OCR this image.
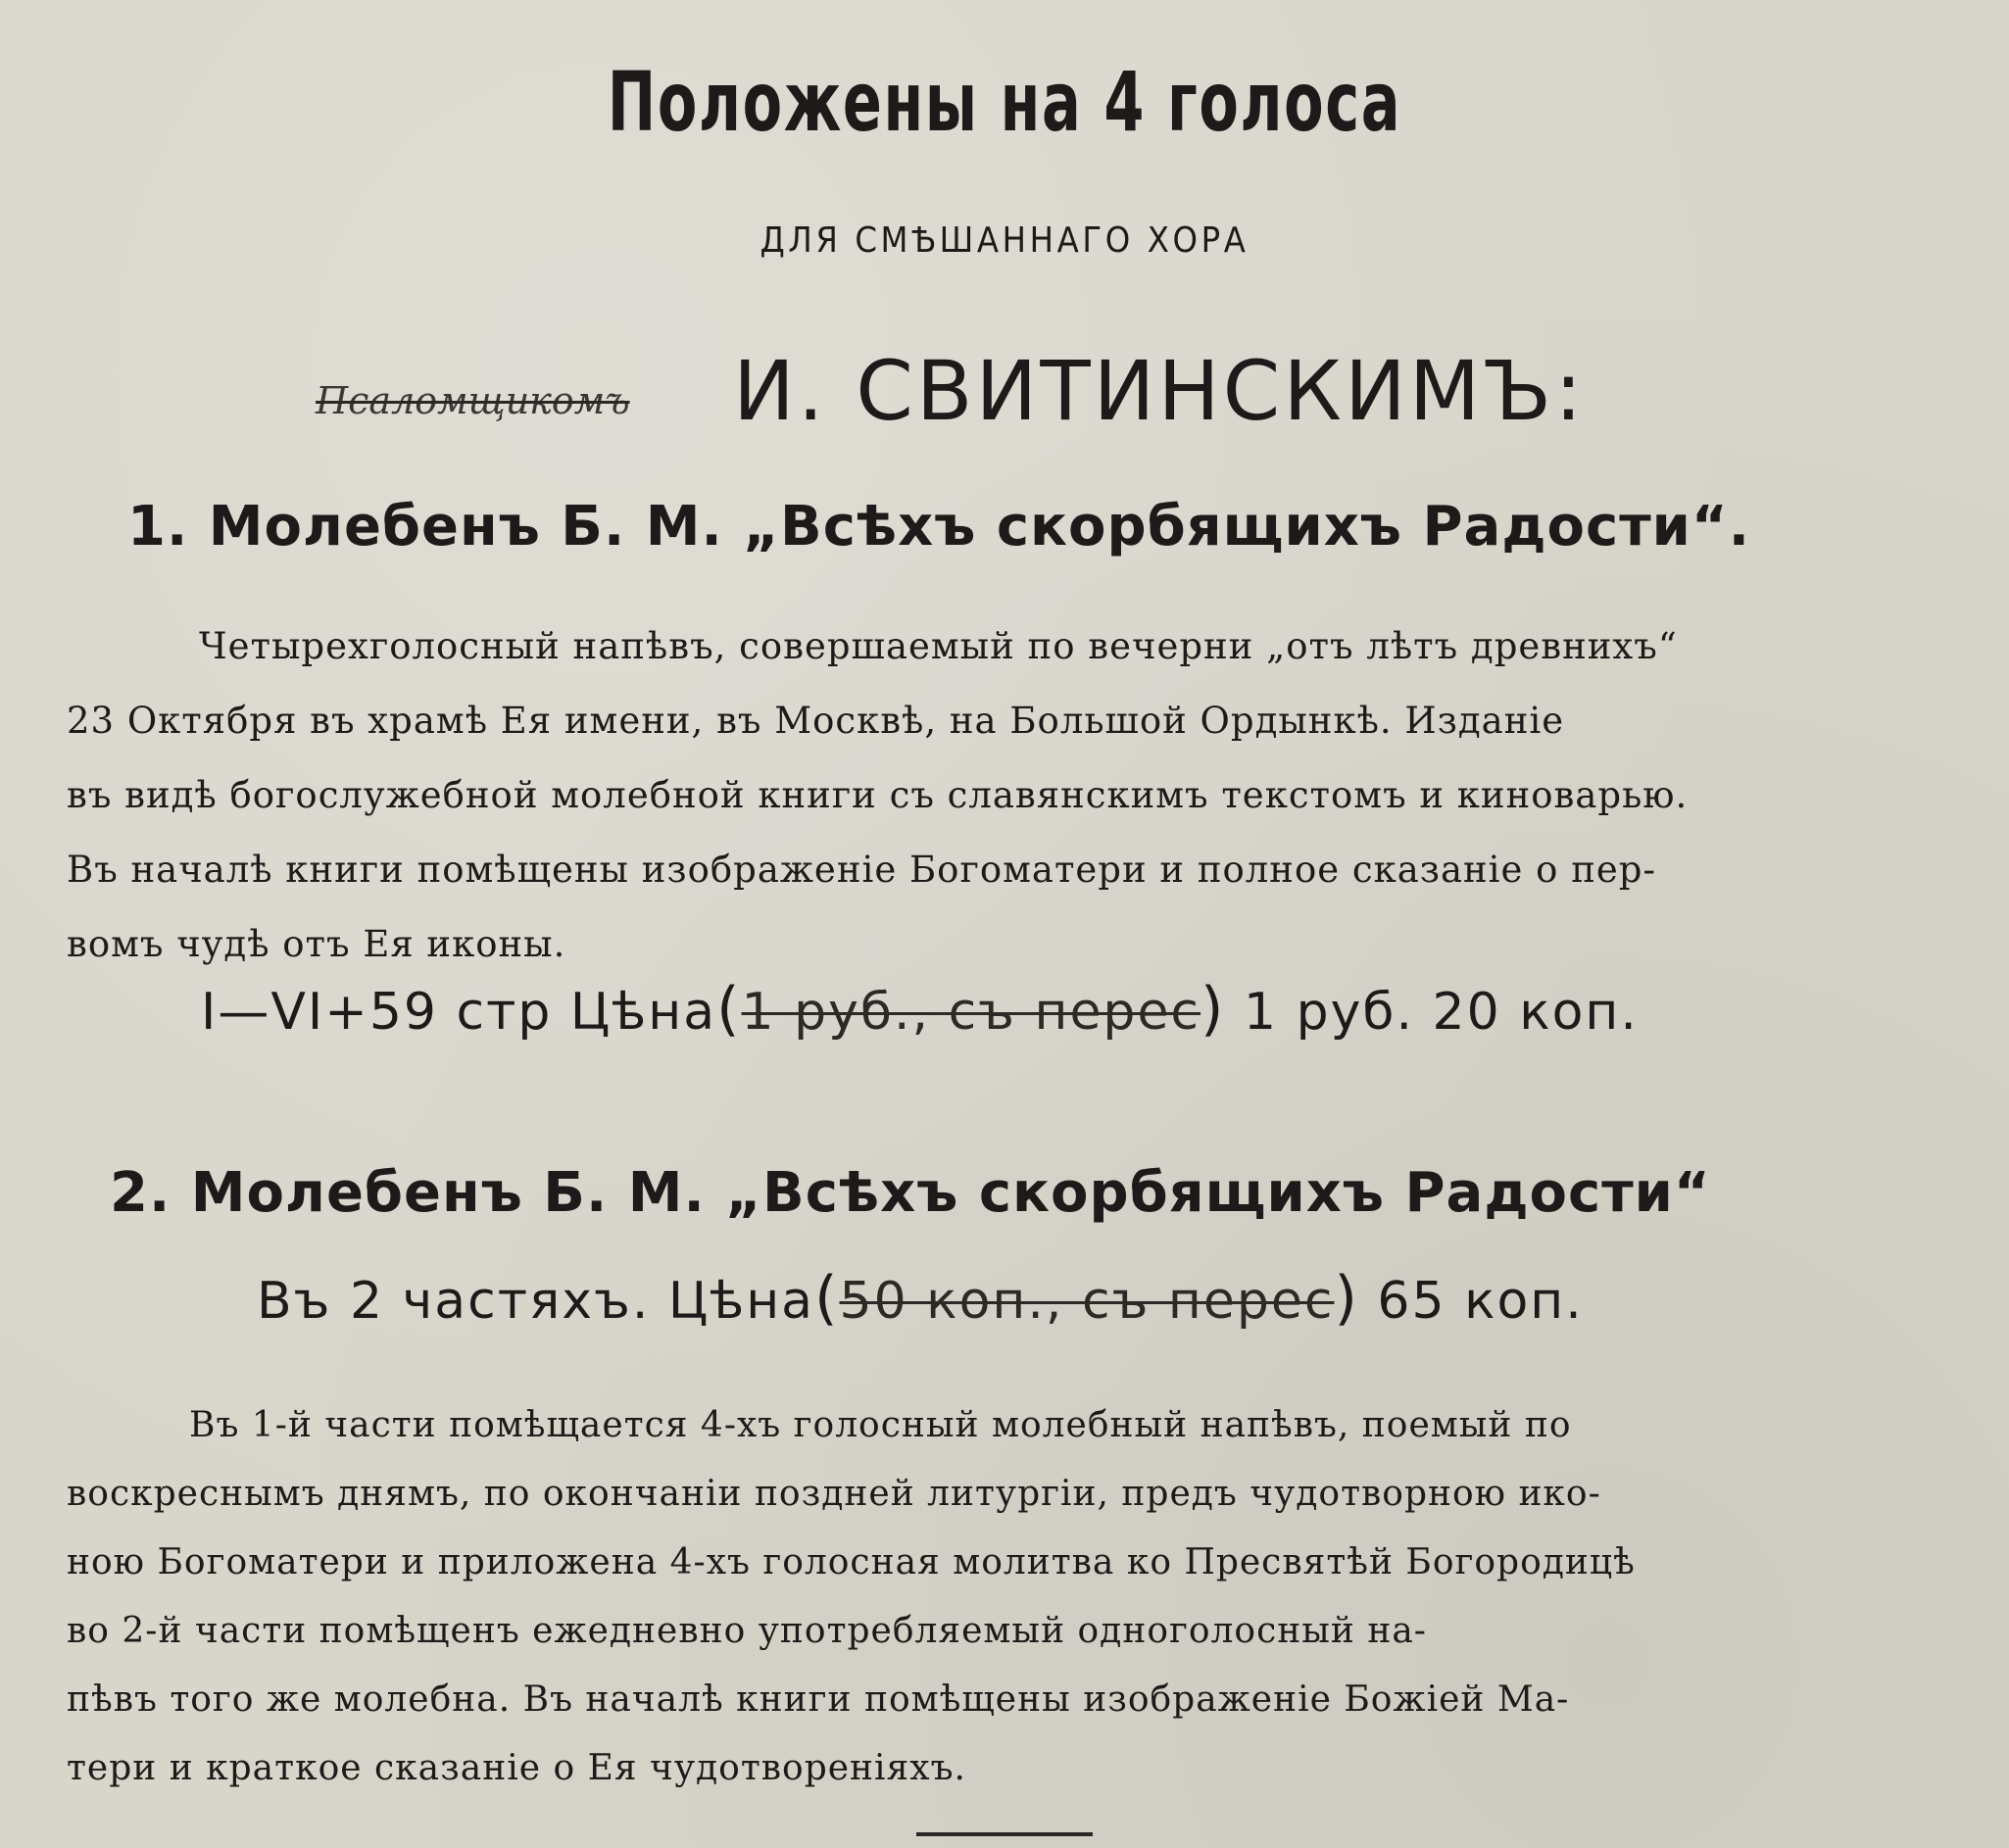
Положены на 4 голоса
ДЛЯ СМѢШАННАГО ХОРА
Псаломщикомъ И. СВИТИНСКИМЪ:
1. Молебенъ Б. М. „Всѣхъ скорбящихъ Радости“.
Четырехголосный напѣвъ, совершаемый по вечерни „отъ лѣтъ древнихъ“
23 Октября въ храмѣ Ея имени, въ Москвѣ, на Большой Ордынкѣ. Изданіе
въ видѣ богослужебной молебной книги съ славянскимъ текстомъ и киноварью.
Въ началѣ книги помѣщены изображеніе Богоматери и полное сказаніе о пер-
вомъ чудѣ отъ Ея иконы.
I—VI+59 стр Цѣна(1 руб., съ перес) 1 руб. 20 коп.
2. Молебенъ Б. М. „Всѣхъ скорбящихъ Радости“
Въ 2 частяхъ. Цѣна(50 коп., съ перес) 65 коп.
Въ 1-й части помѣщается 4-хъ голосный молебный напѣвъ, поемый по
воскреснымъ днямъ, по окончаніи поздней литургіи, предъ чудотворною ико-
ною Богоматери и приложена 4-хъ голосная молитва ко Пресвятѣй Богородицѣ
во 2-й части помѣщенъ ежедневно употребляемый одноголосный на-
пѣвъ того же молебна. Въ началѣ книги помѣщены изображеніе Божіей Ма-
тери и краткое сказаніе о Ея чудотвореніяхъ.
